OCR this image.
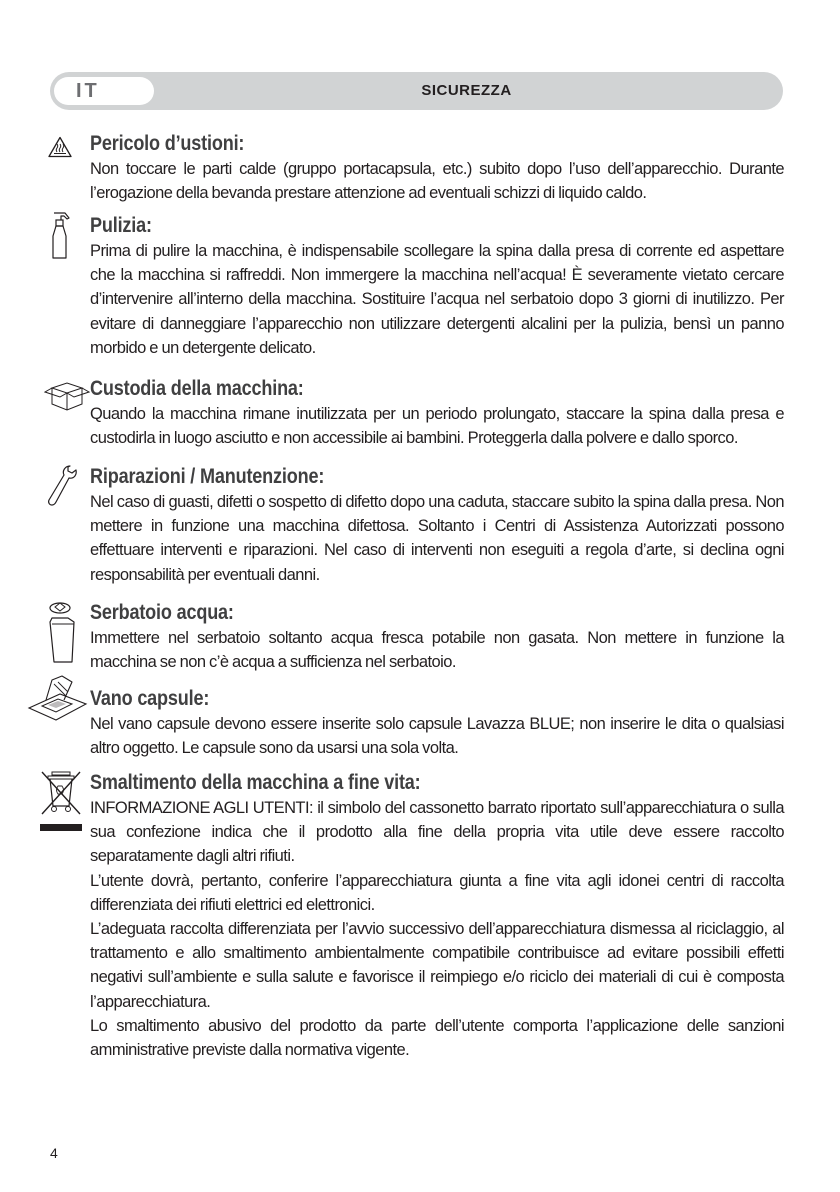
IT	SICUREZZA
Pericolo d’ustioni:

Non toccare le parti calde (gruppo portacapsula, etc.) subito dopo l’uso dell’apparecchio. Durante l’erogazione della bevanda prestare attenzione ad eventuali schizzi di liquido caldo.

Pulizia:

Prima di pulire la macchina, è indispensabile scollegare la spina dalla presa di corrente ed aspettare che la macchina si raffreddi. Non immergere la macchina nell’acqua! È severamente vietato cercare d’intervenire all’interno della macchina. Sostituire l’acqua nel serbatoio dopo 3 giorni di inutilizzo. Per evitare di danneggiare l’apparecchio non utilizzare detergenti alcalini per la pulizia, bensì un panno morbido e un detergente delicato.

Custodia della macchina:

Quando la macchina rimane inutilizzata per un periodo prolungato, staccare la spina dalla presa e custodirla in luogo asciutto e non accessibile ai bambini. Proteggerla dalla polvere e dallo sporco.

Riparazioni / Manutenzione:

Nel caso di guasti, difetti o sospetto di difetto dopo una caduta, staccare subito la spina dalla presa. Non mettere in funzione una macchina difettosa. Soltanto i Centri di Assistenza Autorizzati possono effettuare interventi e riparazioni. Nel caso di interventi non eseguiti a regola d’arte, si declina ogni responsabilità per eventuali danni.

Serbatoio acqua:

Immettere nel serbatoio soltanto acqua fresca potabile non gasata. Non mettere in funzione la macchina se non c’è acqua a sufficienza nel serbatoio.

Vano capsule:

Nel vano capsule devono essere inserite solo capsule Lavazza BLUE; non inserire le dita o qualsiasi altro oggetto. Le capsule sono da usarsi una sola volta.

Smaltimento della macchina a fine vita:

INFORMAZIONE AGLI UTENTI: il simbolo del cassonetto barrato riportato sull’apparecchiatura o sulla sua confezione indica che il prodotto alla fine della propria vita utile deve essere raccolto separatamente dagli altri rifiuti.

L’utente dovrà, pertanto, conferire l’apparecchiatura giunta a fine vita agli idonei centri di raccolta differenziata dei rifiuti elettrici ed elettronici.

L’adeguata raccolta differenziata per l’avvio successivo dell’apparecchiatura dismessa al riciclaggio, al trattamento e allo smaltimento ambientalmente compatibile contribuisce ad evitare possibili effetti negativi sull’ambiente e sulla salute e favorisce il reimpiego e/o riciclo dei materiali di cui è composta l’apparecchiatura.

Lo smaltimento abusivo del prodotto da parte dell’utente comporta l’applicazione delle sanzioni amministrative previste dalla normativa vigente.

4
